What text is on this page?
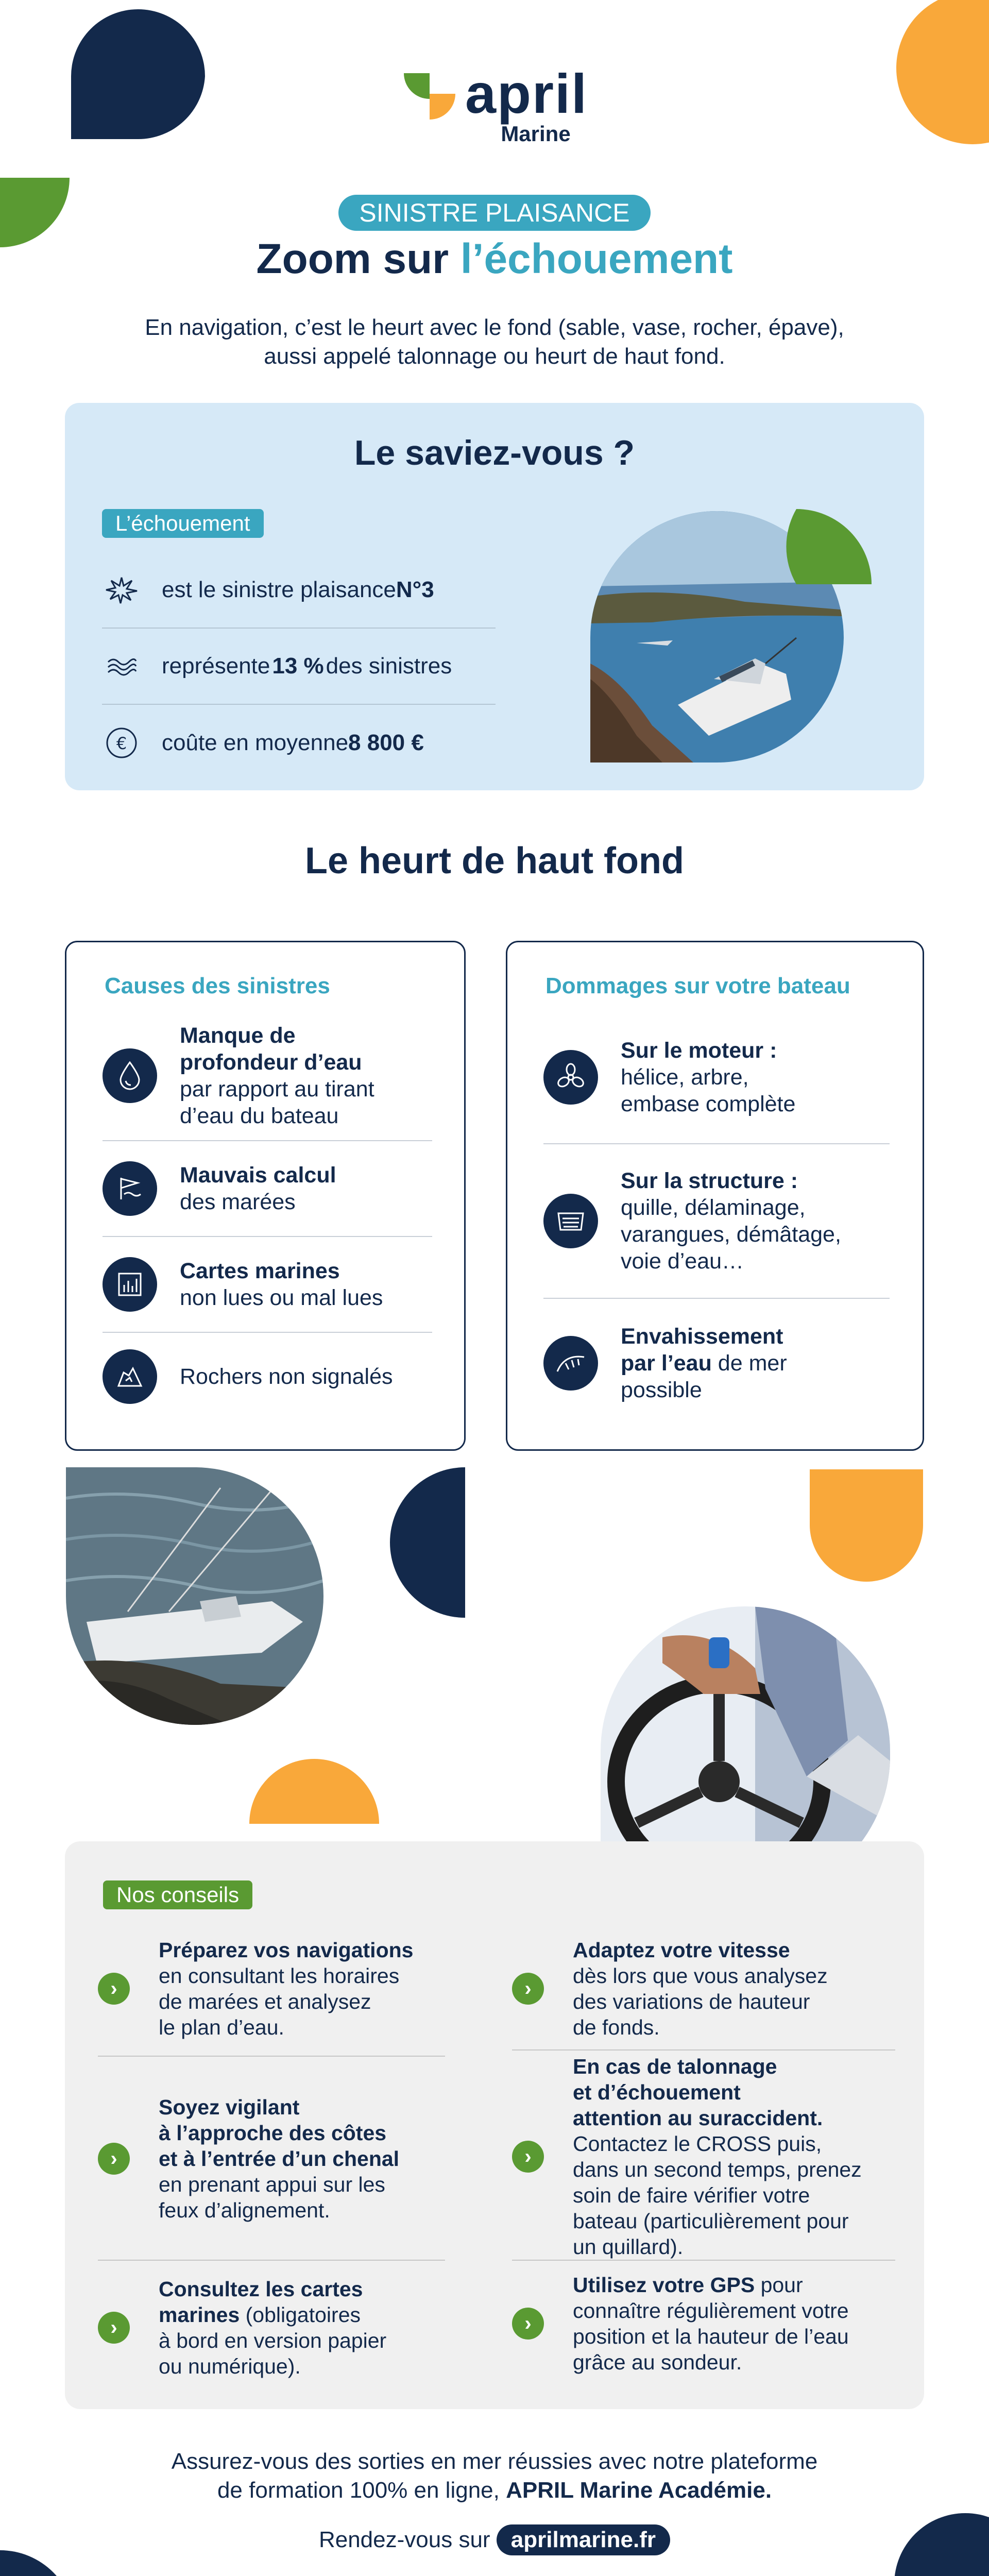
april
Marine
SINISTRE PLAISANCE
Zoom sur l’échouement
En navigation, c’est le heurt avec le fond (sable, vase, rocher, épave),
aussi appelé talonnage ou heurt de haut fond.
Le saviez-vous ?
L’échouement
est le sinistre plaisance N°3
représente 13 % des sinistres
€ coûte en moyenne 8 800 €
Le heurt de haut fond
Causes des sinistres
Manque de
profondeur d’eau
par rapport au tirant
d’eau du bateau
Mauvais calcul
des marées
Cartes marines
non lues ou mal lues
Rochers non signalés
Dommages sur votre bateau
Sur le moteur :
hélice, arbre,
embase complète
Sur la structure :
quille, délaminage,
varangues, démâtage,
voie d’eau…
Envahissement
par l’eau de mer
possible
Nos conseils
›
Préparez vos navigations
en consultant les horaires
de marées et analysez
le plan d’eau.
›
Soyez vigilant
à l’approche des côtes
et à l’entrée d’un chenal
en prenant appui sur les
feux d’alignement.
›
Consultez les cartes
marines (obligatoires
à bord en version papier
ou numérique).
›
Adaptez votre vitesse
dès lors que vous analysez
des variations de hauteur
de fonds.
›
En cas de talonnage
et d’échouement
attention au suraccident.
Contactez le CROSS puis,
dans un second temps, prenez
soin de faire vérifier votre
bateau (particulièrement pour
un quillard).
›
Utilisez votre GPS pour
connaître régulièrement votre
position et la hauteur de l’eau
grâce au sondeur.
Assurez-vous des sorties en mer réussies avec notre plateforme
de formation 100% en ligne, APRIL Marine Académie.
Rendez-vous sur aprilmarine.fr
